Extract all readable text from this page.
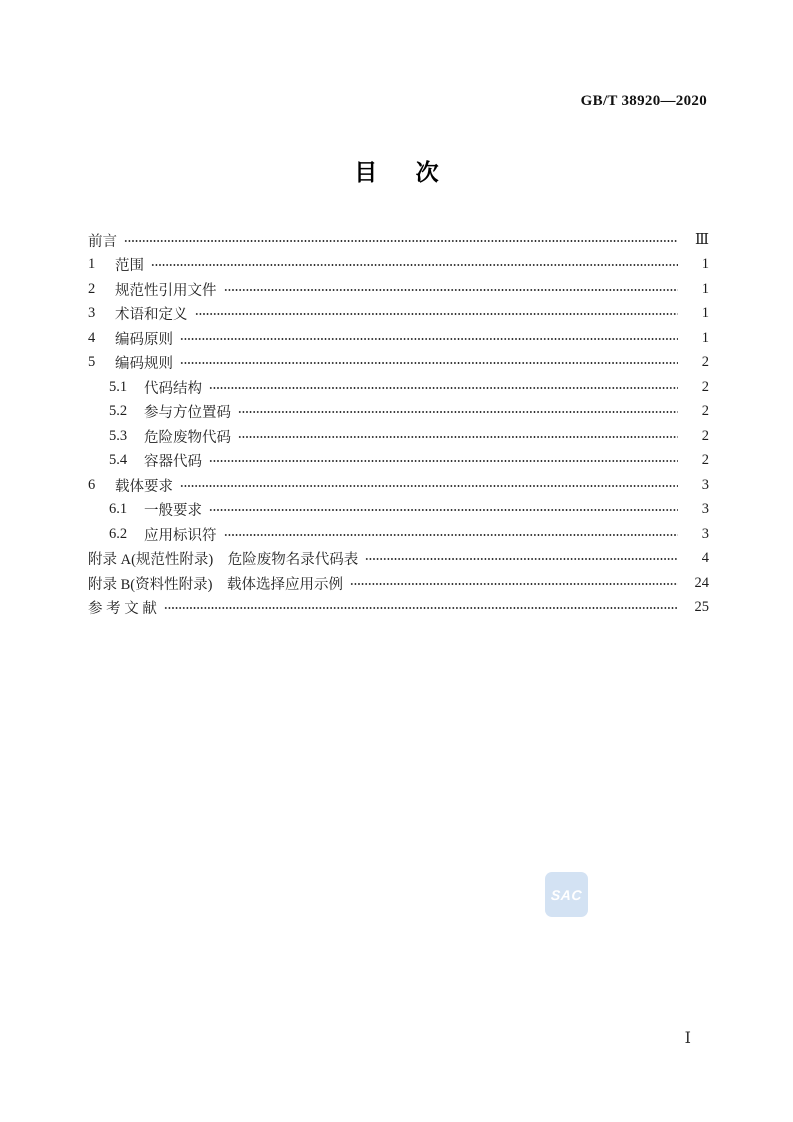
GB/T 38920—2020
目 次
前言	Ⅲ
1	范围	1
2	规范性引用文件	1
3	术语和定义	1
4	编码原则	1
5	编码规则	2
5.1	代码结构	2
5.2	参与方位置码	2
5.3	危险废物代码	2
5.4	容器代码	2
6	载体要求	3
6.1	一般要求	3
6.2	应用标识符	3
附录 A(规范性附录)　危险废物名录代码表	4
附录 B(资料性附录)　载体选择应用示例	24
参 考 文 献	25
SAC
Ⅰ
